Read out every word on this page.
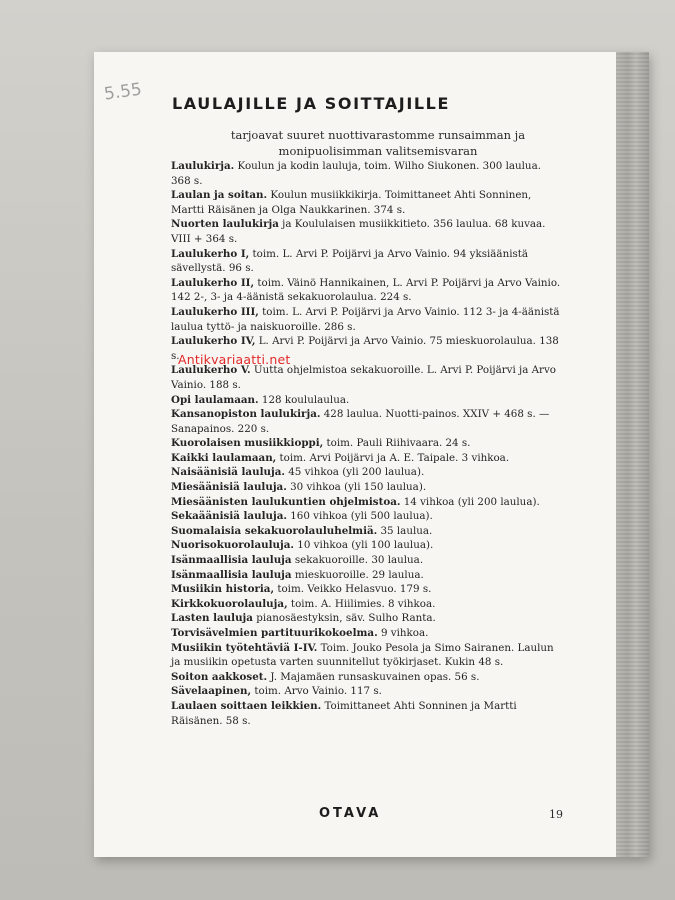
5.55 LAULAJILLE JA SOITTAJILLE
tarjoavat suuret nuottivarastomme runsaimman ja monipuolisimman valitsemisvaran

Laulukirja. Koulun ja kodin lauluja, toim. Wilho Siukonen. 300 laulua. 368 s.

Laulan ja soitan. Koulun musiikkikirja. Toimittaneet Ahti Sonninen, Martti Räisänen ja Olga Naukkarinen. 374 s.

Nuorten laulukirja ja Koululaisen musiikkitieto. 356 laulua. 68 kuvaa. VIII + 364 s.

Laulukerho I, toim. L. Arvi P. Poijärvi ja Arvo Vainio. 94 yksiäänistä sävellystä. 96 s.

Laulukerho II, toim. Väinö Hannikainen, L. Arvi P. Poijärvi ja Arvo Vainio. 142 2-, 3- ja 4-äänistä sekakuorolaulua. 224 s.

Laulukerho III, toim. L. Arvi P. Poijärvi ja Arvo Vainio. 112 3- ja 4-äänistä laulua tyttö- ja naiskuoroille. 286 s.

Laulukerho IV, L. Arvi P. Poijärvi ja Arvo Vainio. 75 mieskuorolaulua. 138 s.

Laulukerho V. Uutta ohjelmistoa sekakuoroille. L. Arvi P. Poijärvi ja Arvo Vainio. 188 s.

Opi laulamaan. 128 koululaulua.

Kansanopiston laulukirja. 428 laulua. Nuotti-painos. XXIV + 468 s. — Sanapainos. 220 s.

Kuorolaisen musiikkioppi, toim. Pauli Riihivaara. 24 s.

Kaikki laulamaan, toim. Arvi Poijärvi ja A. E. Taipale. 3 vihkoa.

Naisäänisiä lauluja. 45 vihkoa (yli 200 laulua).

Miesäänisiä lauluja. 30 vihkoa (yli 150 laulua).

Miesäänisten laulukuntien ohjelmistoa. 14 vihkoa (yli 200 laulua).

Sekaäänisiä lauluja. 160 vihkoa (yli 500 laulua).

Suomalaisia sekakuorolauluhelmiä. 35 laulua.

Nuorisokuorolauluja. 10 vihkoa (yli 100 laulua).

Isänmaallisia lauluja sekakuoroille. 30 laulua.

Isänmaallisia lauluja mieskuoroille. 29 laulua.

Musiikin historia, toim. Veikko Helasvuo. 179 s.

Kirkkokuorolauluja, toim. A. Hiilimies. 8 vihkoa.

Lasten lauluja pianosäestyksin, säv. Sulho Ranta.

Torvisävelmien partituurikokoelma. 9 vihkoa.

Musiikin työtehtäviä I-IV. Toim. Jouko Pesola ja Simo Sairanen. Laulun ja musiikin opetusta varten suunnitellut työkirjaset. Kukin 48 s.

Soiton aakkoset. J. Majamäen runsaskuvainen opas. 56 s.

Sävelaapinen, toim. Arvo Vainio. 117 s.

Laulaen soittaen leikkien. Toimittaneet Ahti Sonninen ja Martti Räisänen. 58 s.

OTAVA	19
Antikvariaatti.net
